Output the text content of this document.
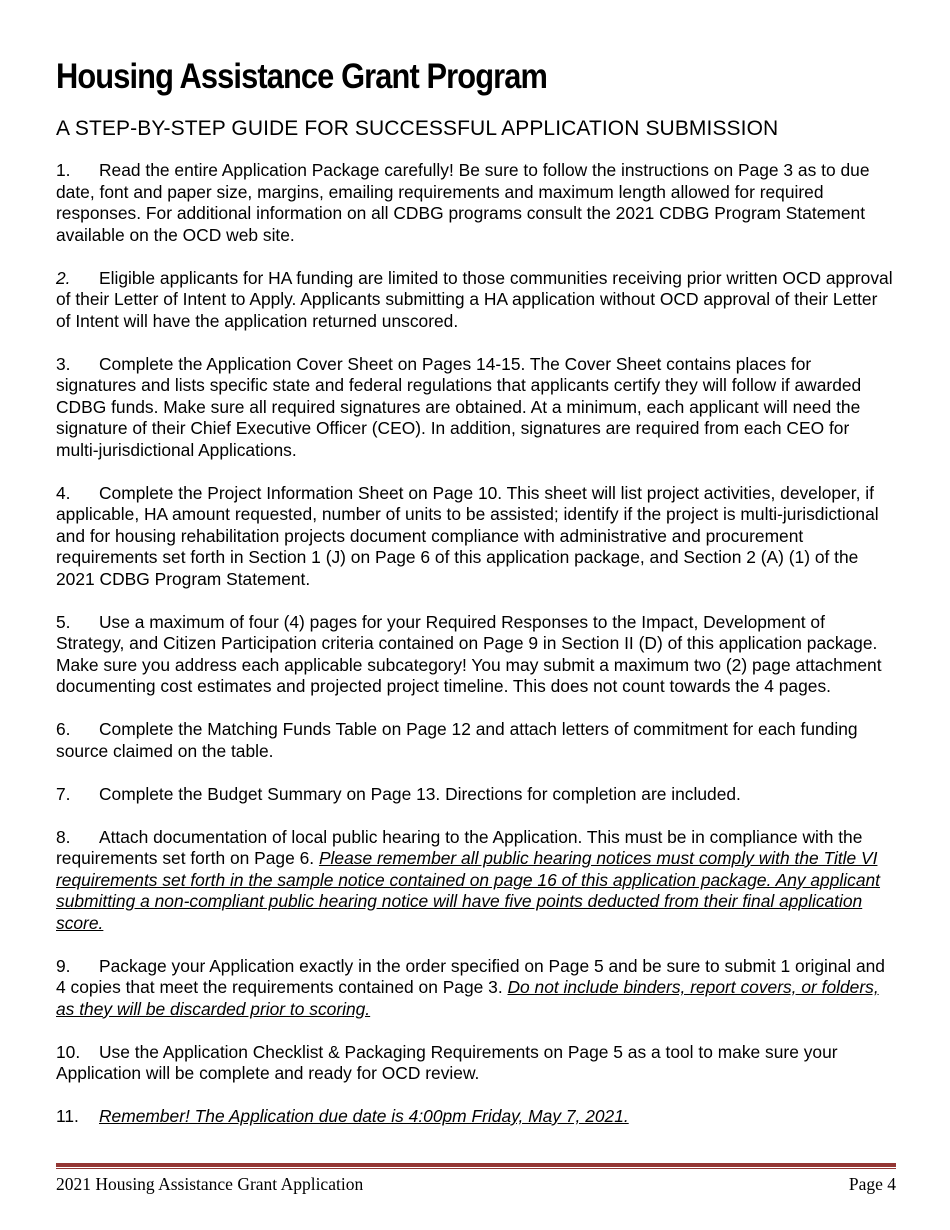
Housing Assistance Grant Program

A STEP-BY-STEP GUIDE FOR SUCCESSFUL APPLICATION SUBMISSION

1. Read the entire Application Package carefully! Be sure to follow the instructions on Page 3 as to due date, font and paper size, margins, emailing requirements and maximum length allowed for required responses. For additional information on all CDBG programs consult the 2021 CDBG Program Statement available on the OCD web site.

2. Eligible applicants for HA funding are limited to those communities receiving prior written OCD approval of their Letter of Intent to Apply. Applicants submitting a HA application without OCD approval of their Letter of Intent will have the application returned unscored.

3. Complete the Application Cover Sheet on Pages 14-15. The Cover Sheet contains places for signatures and lists specific state and federal regulations that applicants certify they will follow if awarded CDBG funds. Make sure all required signatures are obtained. At a minimum, each applicant will need the signature of their Chief Executive Officer (CEO). In addition, signatures are required from each CEO for multi-jurisdictional Applications.

4. Complete the Project Information Sheet on Page 10. This sheet will list project activities, developer, if applicable, HA amount requested, number of units to be assisted; identify if the project is multi-jurisdictional and for housing rehabilitation projects document compliance with administrative and procurement requirements set forth in Section 1 (J) on Page 6 of this application package, and Section 2 (A) (1) of the 2021 CDBG Program Statement.

5. Use a maximum of four (4) pages for your Required Responses to the Impact, Development of Strategy, and Citizen Participation criteria contained on Page 9 in Section II (D) of this application package. Make sure you address each applicable subcategory! You may submit a maximum two (2) page attachment documenting cost estimates and projected project timeline. This does not count towards the 4 pages.

6. Complete the Matching Funds Table on Page 12 and attach letters of commitment for each funding source claimed on the table.

7. Complete the Budget Summary on Page 13. Directions for completion are included.

8. Attach documentation of local public hearing to the Application. This must be in compliance with the requirements set forth on Page 6. Please remember all public hearing notices must comply with the Title VI requirements set forth in the sample notice contained on page 16 of this application package. Any applicant submitting a non-compliant public hearing notice will have five points deducted from their final application score.

9. Package your Application exactly in the order specified on Page 5 and be sure to submit 1 original and 4 copies that meet the requirements contained on Page 3. Do not include binders, report covers, or folders, as they will be discarded prior to scoring.

10. Use the Application Checklist & Packaging Requirements on Page 5 as a tool to make sure your Application will be complete and ready for OCD review.

11. Remember! The Application due date is 4:00pm Friday, May 7, 2021.

2021 Housing Assistance Grant Application	Page 4
